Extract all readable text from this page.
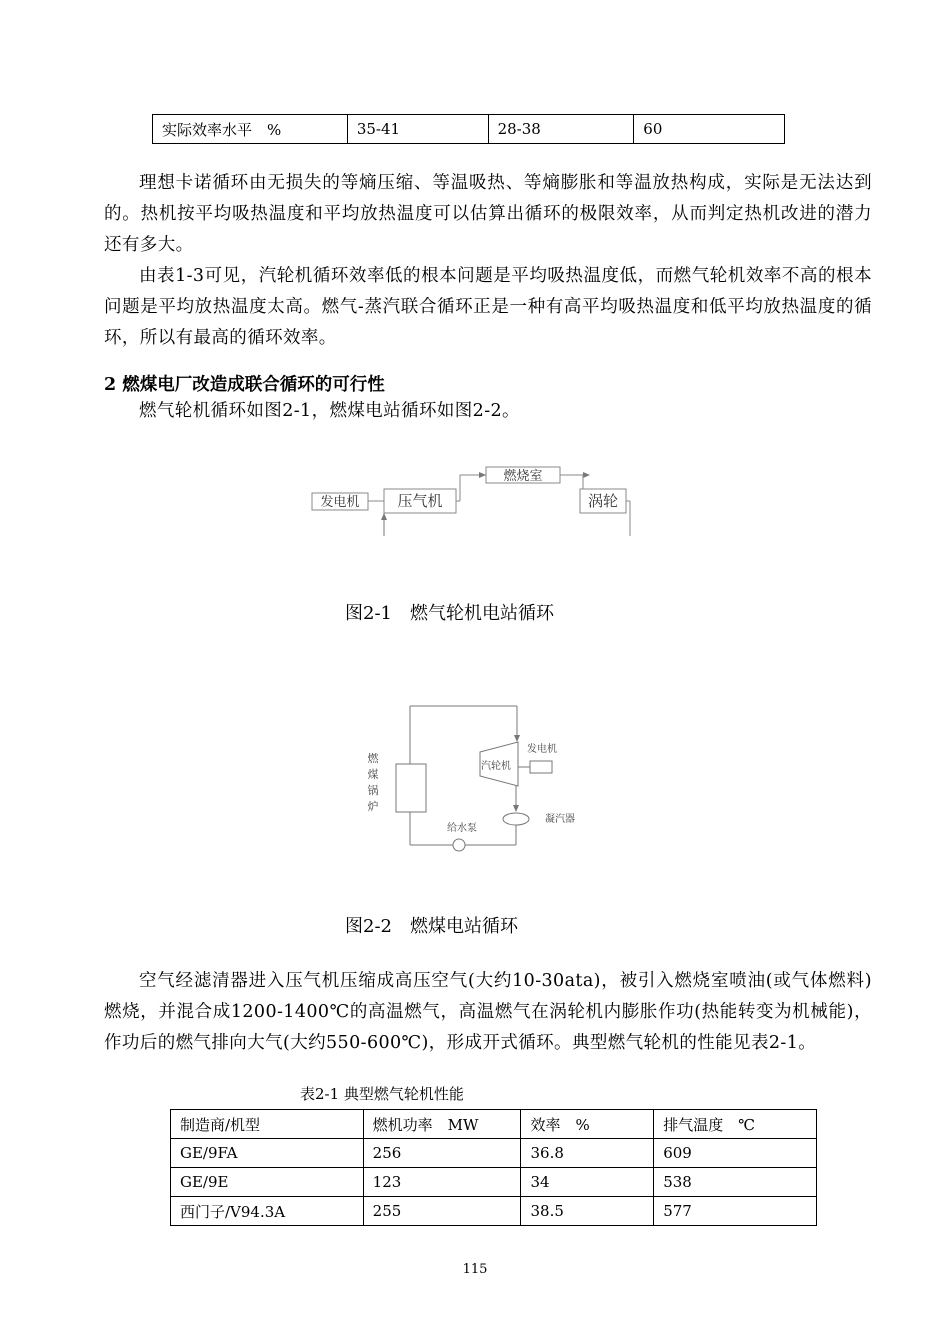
实际效率水平　%	35-41	28-38	60

理想卡诺循环由无损失的等熵压缩、等温吸热、等熵膨胀和等温放热构成，实际是无法达到的。热机按平均吸热温度和平均放热温度可以估算出循环的极限效率，从而判定热机改进的潜力还有多大。

由表1-3可见，汽轮机循环效率低的根本问题是平均吸热温度低，而燃气轮机效率不高的根本问题是平均放热温度太高。燃气-蒸汽联合循环正是一种有高平均吸热温度和低平均放热温度的循环，所以有最高的循环效率。

2 燃煤电厂改造成联合循环的可行性

燃气轮机循环如图2-1，燃煤电站循环如图2-2。

发电机	压气机
燃烧室
涡轮
图2-1　燃气轮机电站循环
燃
煤
锅
炉
汽轮机
发电机
凝汽器
给水泵
图2-2　燃煤电站循环

空气经滤清器进入压气机压缩成高压空气(大约10-30ata)，被引入燃烧室喷油(或气体燃料)燃烧，并混合成1200-1400℃的高温燃气，高温燃气在涡轮机内膨胀作功(热能转变为机械能)，作功后的燃气排向大气(大约550-600℃)，形成开式循环。典型燃气轮机的性能见表2-1。

表2-1 典型燃气轮机性能
制造商/机型	燃机功率　MW	效率　%	排气温度　℃
GE/9FA	256	36.8	609
GE/9E	123	34	538
西门子/V94.3A	255	38.5	577
115
